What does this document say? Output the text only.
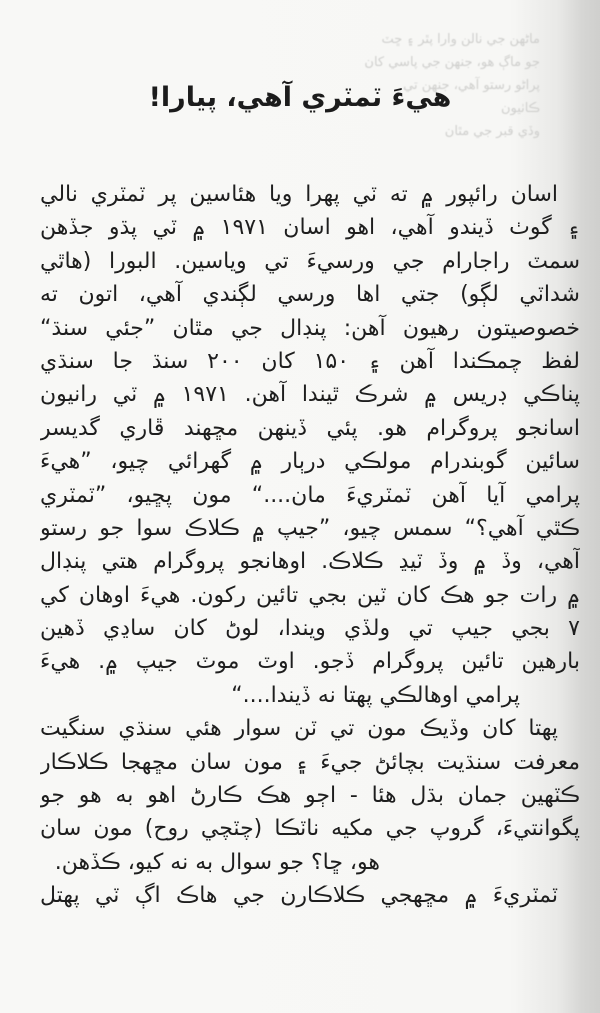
ماڻهن جي نالن وارا پٿر ۽ ڇٽ
جو ماڳ هو، جنهن جي پاسي کان
پراڻو رستو آهي، جنهن تي
ڪاٺيون
وڏي قبر جي مٿان
هيءَ ٽمٽري آهي، پيارا!
اسان رائپور ۾ ته ٽي پهرا ويا هئاسين پر ٽمٽري نالي
۽ گوٺ ڏيندو آهي، اهو اسان ۱۹۷۱ ۾ ٽي پڌو جڏهن
سمٽ راجارام جي ورسيءَ تي وياسين. البورا (هاٿي
شداٽي لڳو) جتي اها ورسي لڳندي آهي، اتون ته
خصوصيتون رهيون آهن: پنڊال جي مٿان ”جئي سنڌ“
لفظ چمڪندا آهن ۽ ۱۵۰ کان ۲۰۰ سنڌ جا سنڌي
پناڪي ڊريس ۾ شرڪ ٿيندا آهن. ۱۹۷۱ ۾ ٽي رانيون
اسانجو پروگرام هو. پئي ڏينهن مڇهند ڦاري گديسر
سائين گوبندرام مولڪي درٻار ۾ گهرائي چيو، ”هيءَ
پرامي آيا آهن ٽمٽريءَ مان....“ مون پڇيو، ”ٽمٽري
ڪٿي آهي؟“ سمس چيو، ”جيپ ۾ ڪلاڪ سوا جو رستو
آهي، وڏ ۾ وڏ ٽيڍ ڪلاڪ. اوهانجو پروگرام هتي پنڊال
۾ رات جو هڪ کان ٽين بجي تائين رکون. هيءَ اوهان کي
۷ بجي جيپ تي ولڏي ويندا، لوڻ کان ساڍي ڏهين
بارهين تائين پروگرام ڏجو. اوٽ موٽ جيپ ۾. هيءَ
پرامي اوهالڪي پهتا نه ڏيندا....“
پهتا کان وڏيڪ مون تي ٽن سوار هئي سنڌي سنگيت
معرفت سنڌيت بچائڻ جيءَ ۽ مون سان مڇهجا ڪلاڪار
ڪٽهين جمان بڌل هئا - اڄو هڪ ڪارڻ اهو به هو جو
پگوانتيءَ، گروپ جي مکيه ناٽڪا (چٽچي روح) مون سان
هو، ڇا؟ جو سوال به نه کيو، ڪڏهن.
ٽمٽريءَ ۾ مڇهجي ڪلاڪارن جي هاڪ اڳ ٽي پهتل
